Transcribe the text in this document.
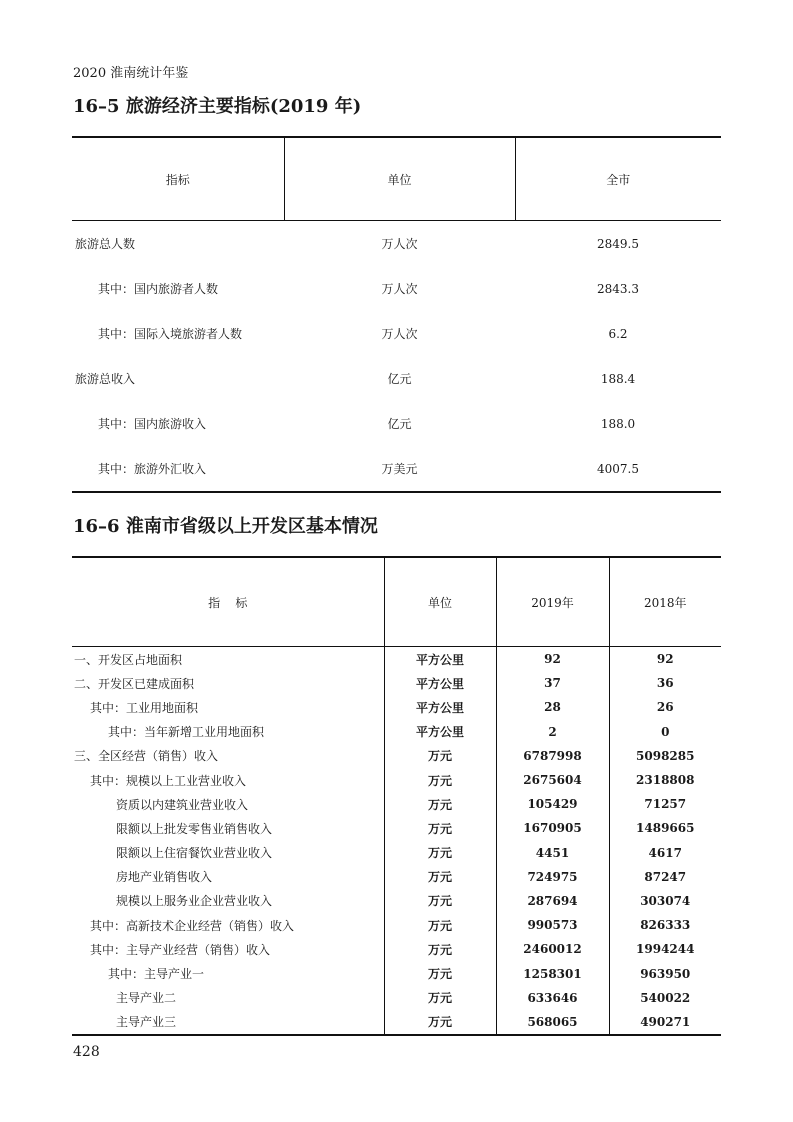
2020 淮南统计年鉴
16–5 旅游经济主要指标(2019 年)
指标	单位	全市
旅游总人数	万人次	2849.5
其中：国内旅游者人数	万人次	2843.3
其中：国际入境旅游者人数	万人次	6.2
旅游总收入	亿元	188.4
其中：国内旅游收入	亿元	188.0
其中：旅游外汇收入	万美元	4007.5
16–6 淮南市省级以上开发区基本情况
指    标	单位	2019年	2018年
一、开发区占地面积	平方公里	92	92
二、开发区已建成面积	平方公里	37	36
其中：工业用地面积	平方公里	28	26
其中：当年新增工业用地面积	平方公里	2	0
三、全区经营（销售）收入	万元	6787998	5098285
其中：规模以上工业营业收入	万元	2675604	2318808
资质以内建筑业营业收入	万元	105429	71257
限额以上批发零售业销售收入	万元	1670905	1489665
限额以上住宿餐饮业营业收入	万元	4451	4617
房地产业销售收入	万元	724975	87247
规模以上服务业企业营业收入	万元	287694	303074
其中：高新技术企业经营（销售）收入	万元	990573	826333
其中：主导产业经营（销售）收入	万元	2460012	1994244
其中：主导产业一	万元	1258301	963950
主导产业二	万元	633646	540022
主导产业三	万元	568065	490271
428
